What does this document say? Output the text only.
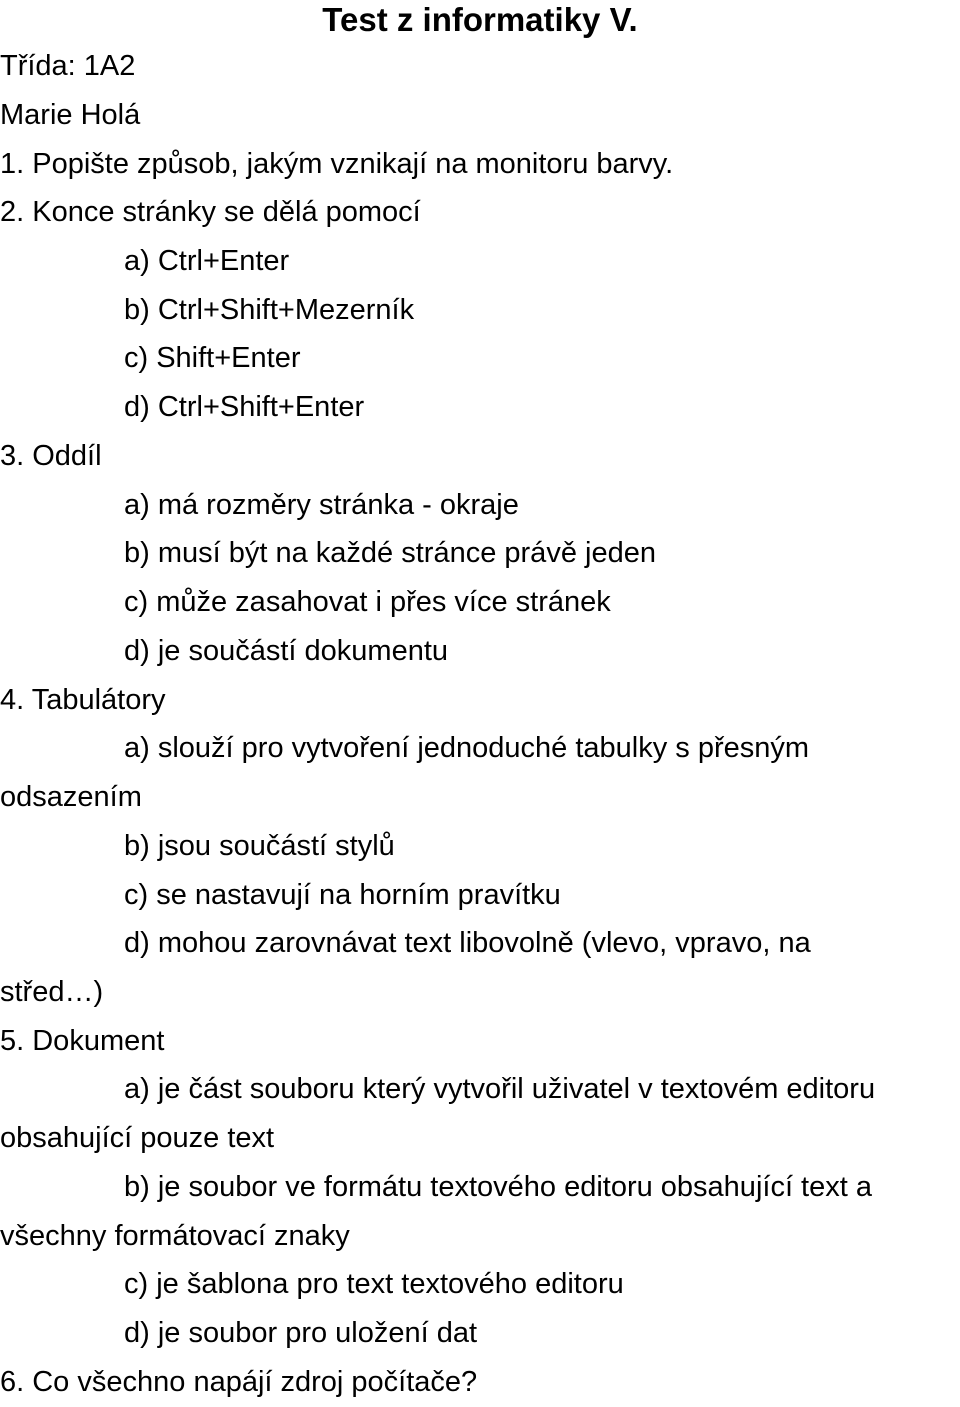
Test z informatiky V.
Třída: 1A2
Marie Holá
1. Popište způsob, jakým vznikají na monitoru barvy.
2. Konce stránky se dělá pomocí
a) Ctrl+Enter
b) Ctrl+Shift+Mezerník
c) Shift+Enter
d) Ctrl+Shift+Enter
3. Oddíl
a) má rozměry stránka - okraje
b) musí být na každé stránce právě jeden
c) může zasahovat i přes více stránek
d) je součástí dokumentu
4. Tabulátory
a) slouží pro vytvoření jednoduché tabulky s přesným
odsazením
b) jsou součástí stylů
c) se nastavují na horním pravítku
d) mohou zarovnávat text libovolně (vlevo, vpravo, na
střed…)
5. Dokument
a) je část souboru který vytvořil uživatel v textovém editoru
obsahující pouze text
b) je soubor ve formátu textového editoru obsahující text a
všechny formátovací znaky
c) je šablona pro text textového editoru
d) je soubor pro uložení dat
6. Co všechno napájí zdroj počítače?
